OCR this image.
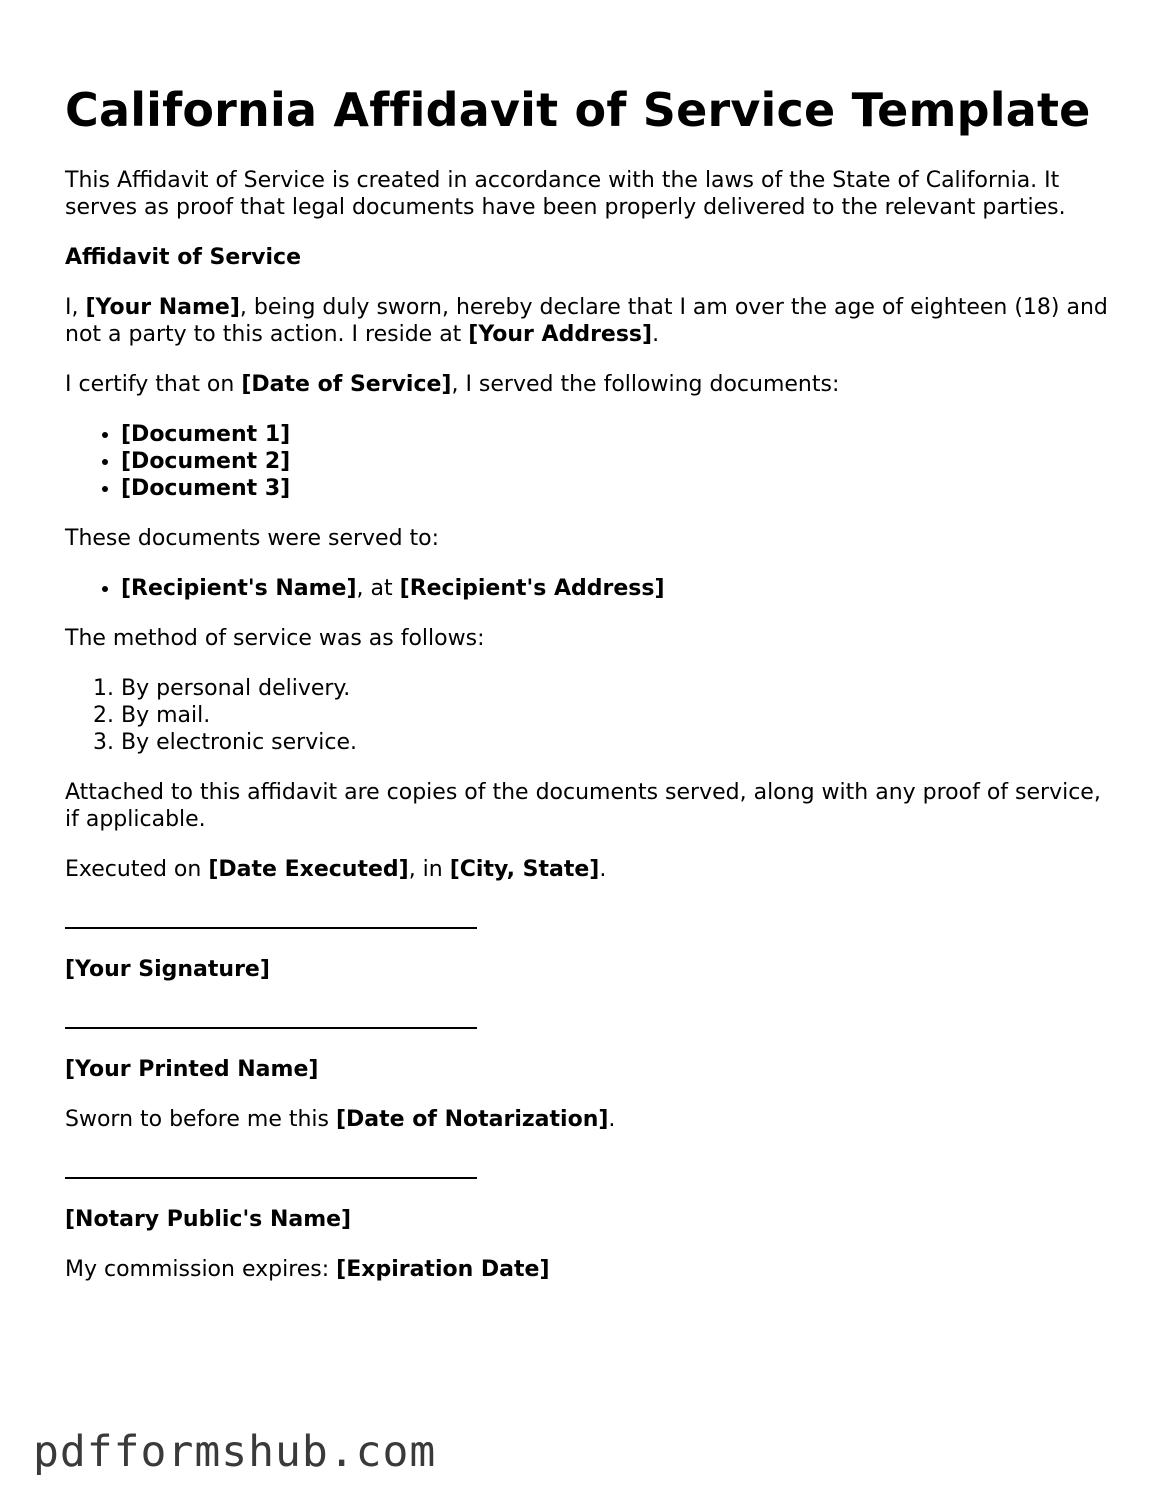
California Affidavit of Service Template

This Affidavit of Service is created in accordance with the laws of the State of California. It serves as proof that legal documents have been properly delivered to the relevant parties.

Affidavit of Service

I, [Your Name], being duly sworn, hereby declare that I am over the age of eighteen (18) and not a party to this action. I reside at [Your Address].

I certify that on [Date of Service], I served the following documents:

• [Document 1]
• [Document 2]
• [Document 3]

These documents were served to:

• [Recipient's Name], at [Recipient's Address]

The method of service was as follows:

1. By personal delivery.
2. By mail.
3. By electronic service.

Attached to this affidavit are copies of the documents served, along with any proof of service, if applicable.

Executed on [Date Executed], in [City, State].

[Your Signature]

[Your Printed Name]

Sworn to before me this [Date of Notarization].

[Notary Public's Name]

My commission expires: [Expiration Date]

pdfformshub.com
